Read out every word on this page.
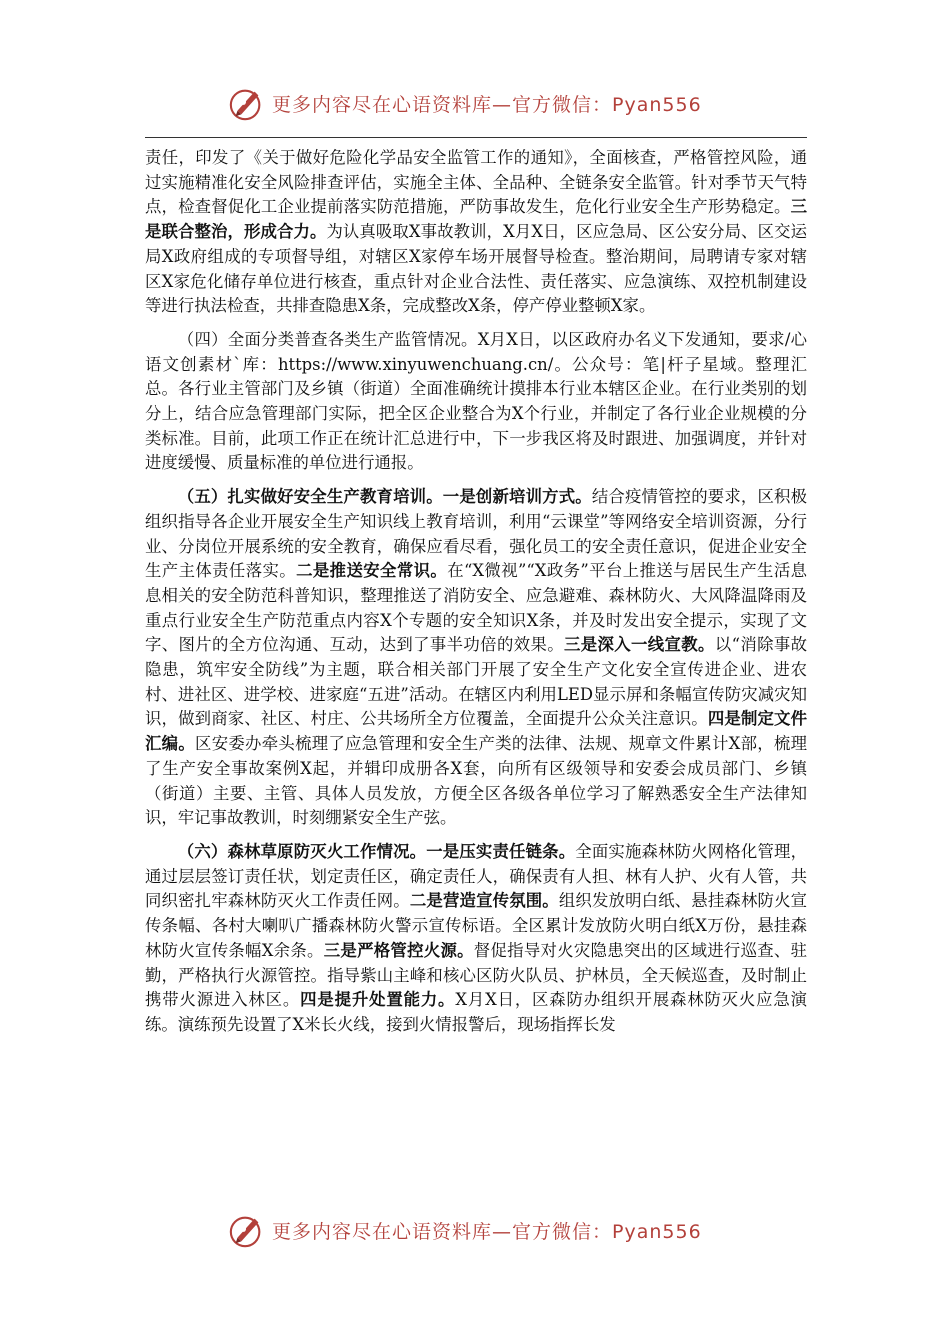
更多内容尽在心语资料库—官方微信：Pyan556

责任，印发了《关于做好危险化学品安全监管工作的通知》，全面核查，严格管控风险，通过实施精准化安全风险排查评估，实施全主体、全品种、全链条安全监管。针对季节天气特点，检查督促化工企业提前落实防范措施，严防事故发生，危化行业安全生产形势稳定。三是联合整治，形成合力。为认真吸取X事故教训，X月X日，区应急局、区公安分局、区交运局X政府组成的专项督导组，对辖区X家停车场开展督导检查。整治期间，局聘请专家对辖区X家危化储存单位进行核查，重点针对企业合法性、责任落实、应急演练、双控机制建设等进行执法检查，共排查隐患X条，完成整改X条，停产停业整顿X家。

（四）全面分类普查各类生产监管情况。X月X日，以区政府办名义下发通知，要求/心语文创素材`库：https://www.xinyuwenchuang.cn/。公众号：笔|杆子星域。整理汇总。各行业主管部门及乡镇（街道）全面准确统计摸排本行业本辖区企业。在行业类别的划分上，结合应急管理部门实际，把全区企业整合为X个行业，并制定了各行业企业规模的分类标准。目前，此项工作正在统计汇总进行中，下一步我区将及时跟进、加强调度，并针对进度缓慢、质量标准的单位进行通报。

（五）扎实做好安全生产教育培训。一是创新培训方式。结合疫情管控的要求，区积极组织指导各企业开展安全生产知识线上教育培训，利用“云课堂”等网络安全培训资源，分行业、分岗位开展系统的安全教育，确保应看尽看，强化员工的安全责任意识，促进企业安全生产主体责任落实。二是推送安全常识。在“X微视”“X政务”平台上推送与居民生产生活息息相关的安全防范科普知识，整理推送了消防安全、应急避难、森林防火、大风降温降雨及重点行业安全生产防范重点内容X个专题的安全知识X条，并及时发出安全提示，实现了文字、图片的全方位沟通、互动，达到了事半功倍的效果。三是深入一线宣教。以“消除事故隐患，筑牢安全防线”为主题，联合相关部门开展了安全生产文化安全宣传进企业、进农村、进社区、进学校、进家庭“五进”活动。在辖区内利用LED显示屏和条幅宣传防灾减灾知识，做到商家、社区、村庄、公共场所全方位覆盖，全面提升公众关注意识。四是制定文件汇编。区安委办牵头梳理了应急管理和安全生产类的法律、法规、规章文件累计X部，梳理了生产安全事故案例X起，并辑印成册各X套，向所有区级领导和安委会成员部门、乡镇（街道）主要、主管、具体人员发放，方便全区各级各单位学习了解熟悉安全生产法律知识，牢记事故教训，时刻绷紧安全生产弦。

（六）森林草原防灭火工作情况。一是压实责任链条。全面实施森林防火网格化管理，通过层层签订责任状，划定责任区，确定责任人，确保责有人担、林有人护、火有人管，共同织密扎牢森林防灭火工作责任网。二是营造宣传氛围。组织发放明白纸、悬挂森林防火宣传条幅、各村大喇叭广播森林防火警示宣传标语。全区累计发放防火明白纸X万份，悬挂森林防火宣传条幅X余条。三是严格管控火源。督促指导对火灾隐患突出的区域进行巡查、驻勤，严格执行火源管控。指导紫山主峰和核心区防火队员、护林员，全天候巡查，及时制止携带火源进入林区。四是提升处置能力。X月X日，区森防办组织开展森林防灭火应急演练。演练预先设置了X米长火线，接到火情报警后，现场指挥长发

更多内容尽在心语资料库—官方微信：Pyan556
